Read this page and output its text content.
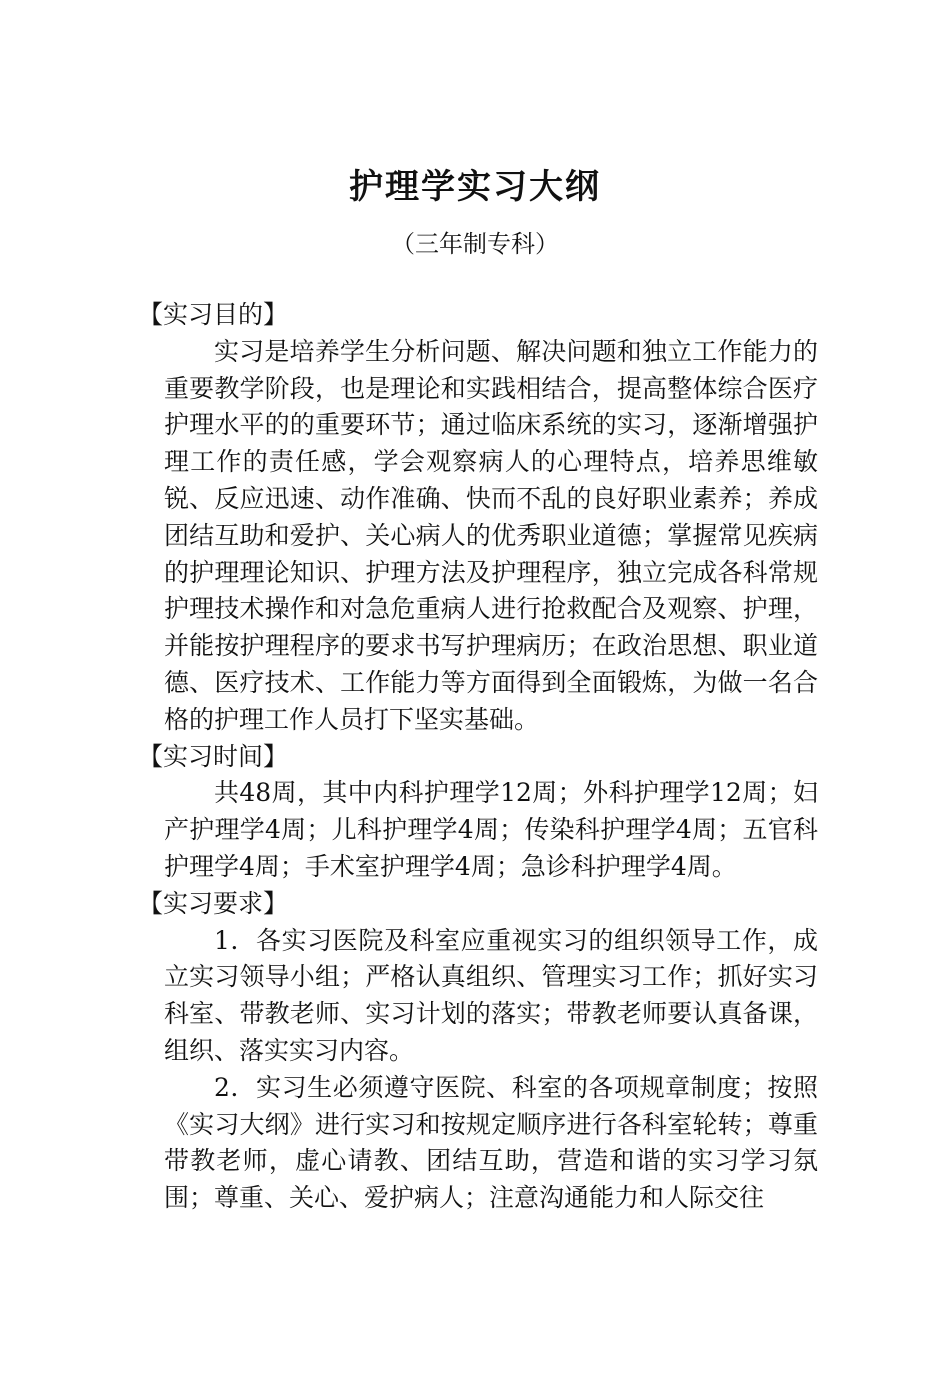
护理学实习大纲
（三年制专科）

【实习目的】

实习是培养学生分析问题、解决问题和独立工作能力的重要教学阶段，也是理论和实践相结合，提高整体综合医疗护理水平的的重要环节；通过临床系统的实习，逐渐增强护理工作的责任感，学会观察病人的心理特点，培养思维敏锐、反应迅速、动作准确、快而不乱的良好职业素养；养成团结互助和爱护、关心病人的优秀职业道德；掌握常见疾病的护理理论知识、护理方法及护理程序，独立完成各科常规护理技术操作和对急危重病人进行抢救配合及观察、护理，并能按护理程序的要求书写护理病历；在政治思想、职业道德、医疗技术、工作能力等方面得到全面锻炼，为做一名合格的护理工作人员打下坚实基础。

【实习时间】

共48周，其中内科护理学12周；外科护理学12周；妇产护理学4周；儿科护理学4周；传染科护理学4周；五官科护理学4周；手术室护理学4周；急诊科护理学4周。

【实习要求】

1．各实习医院及科室应重视实习的组织领导工作，成立实习领导小组；严格认真组织、管理实习工作；抓好实习科室、带教老师、实习计划的落实；带教老师要认真备课，组织、落实实习内容。

2．实习生必须遵守医院、科室的各项规章制度；按照《实习大纲》进行实习和按规定顺序进行各科室轮转；尊重带教老师，虚心请教、团结互助，营造和谐的实习学习氛围；尊重、关心、爱护病人；注意沟通能力和人际交往
